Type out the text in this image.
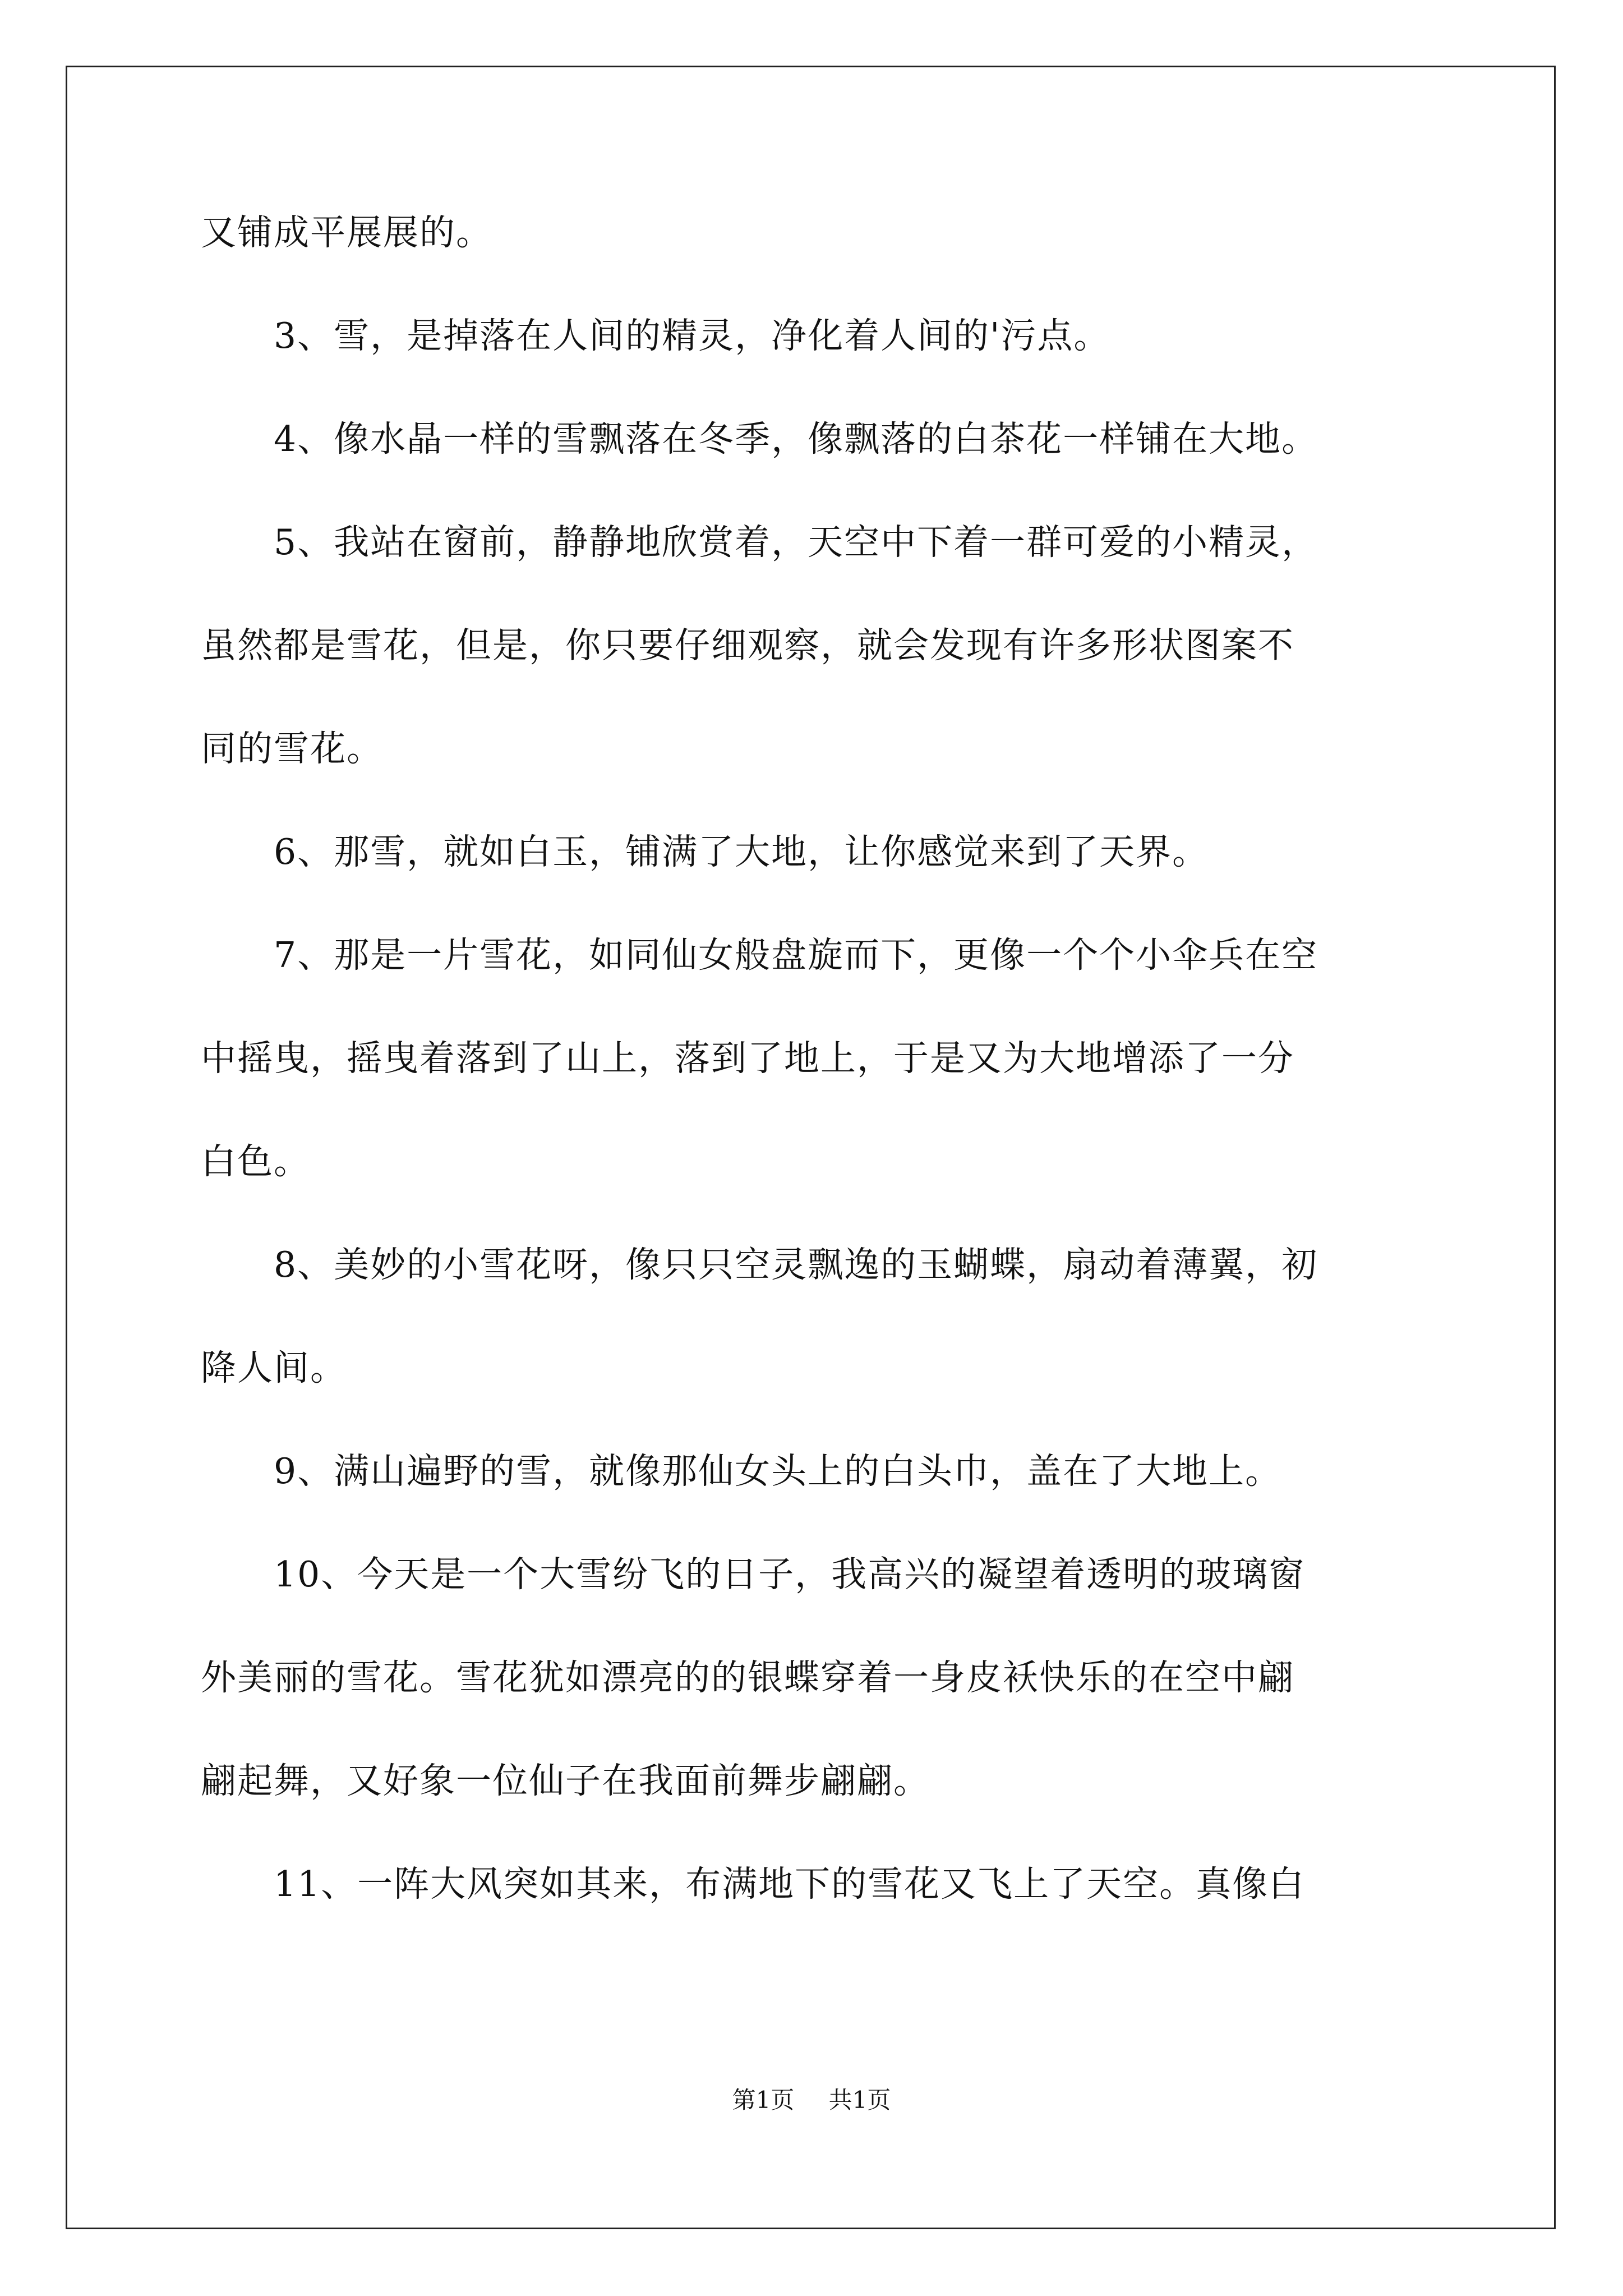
又铺成平展展的。
3、雪，是掉落在人间的精灵，净化着人间的'污点。
4、像水晶一样的雪飘落在冬季，像飘落的白茶花一样铺在大地。
5、我站在窗前，静静地欣赏着，天空中下着一群可爱的小精灵，
虽然都是雪花，但是，你只要仔细观察，就会发现有许多形状图案不
同的雪花。
6、那雪，就如白玉，铺满了大地，让你感觉来到了天界。
7、那是一片雪花，如同仙女般盘旋而下，更像一个个小伞兵在空
中摇曳，摇曳着落到了山上，落到了地上，于是又为大地增添了一分
白色。
8、美妙的小雪花呀，像只只空灵飘逸的玉蝴蝶，扇动着薄翼，初
降人间。
9、满山遍野的雪，就像那仙女头上的白头巾，盖在了大地上。
10、今天是一个大雪纷飞的日子，我高兴的凝望着透明的玻璃窗
外美丽的雪花。雪花犹如漂亮的的银蝶穿着一身皮袄快乐的在空中翩
翩起舞，又好象一位仙子在我面前舞步翩翩。
11、一阵大风突如其来，布满地下的雪花又飞上了天空。真像白
第1页 共1页
